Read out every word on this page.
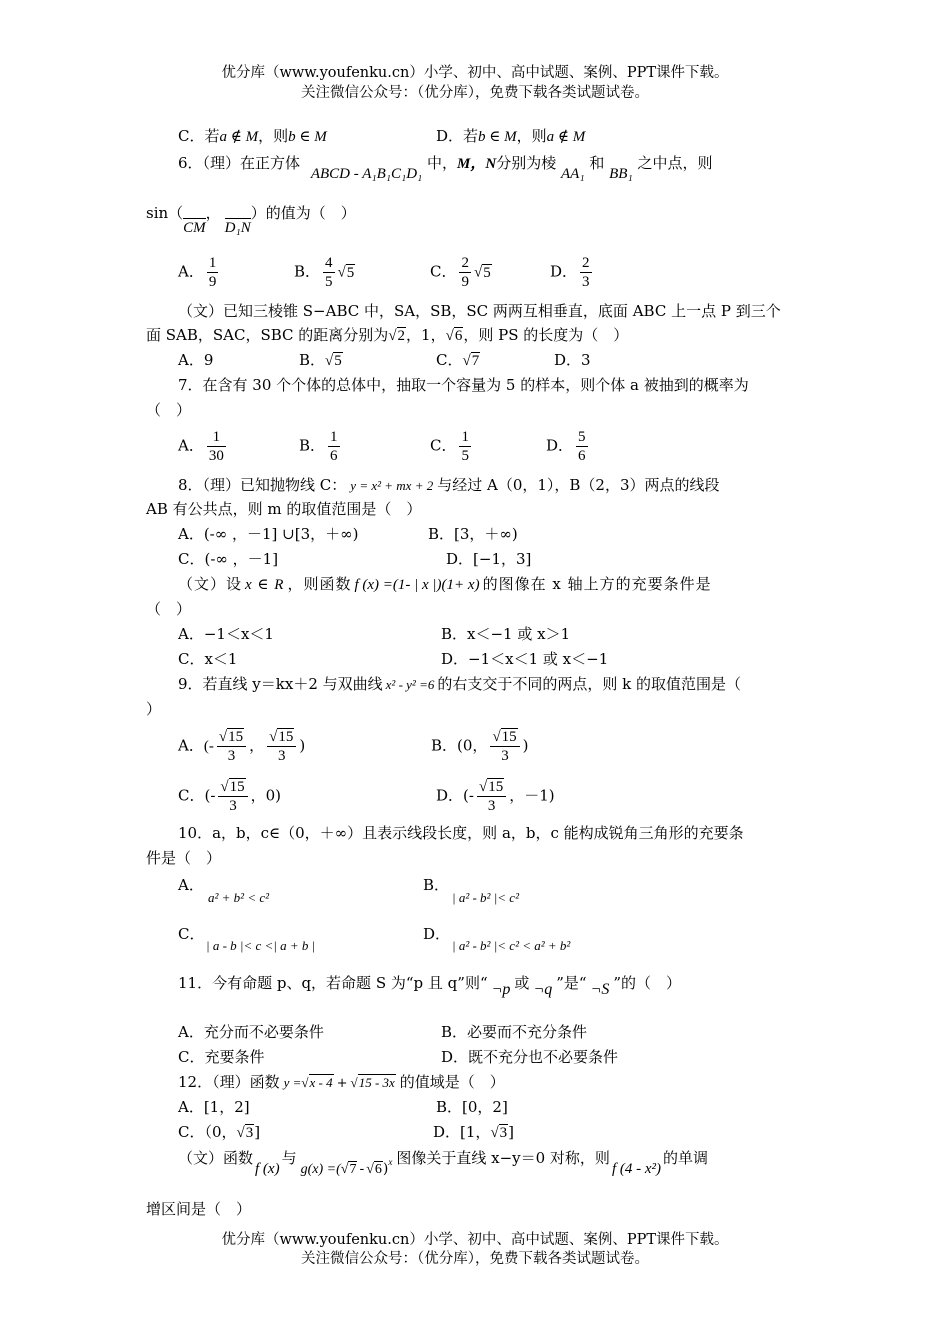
优分库（www.youfenku.cn）小学、初中、高中试题、案例、PPT课件下载。
关注微信公众号：（优分库），免费下载各类试题试卷。
C．若a ∉ M，则b ∈ M	D．若b ∈ M，则a ∉ M
6．（理）在正方体 ABCD - A₁B₁C₁D₁ 中，M，N分别为棱 AA₁ 和 BB₁ 之中点，则
sin（CM，D₁N）的值为（　）
A． $\frac{1}{9}$	B． $\frac{4}{5} √5$	C． $\frac{2}{9} √5$	D． $\frac{2}{3}$
（文）已知三棱锥 S−ABC 中，SA，SB，SC 两两互相垂直，底面 ABC 上一点 P 到三个
面 SAB，SAC，SBC 的距离分别为√2，1，√6，则 PS 的长度为（　）
A．9	B．√5	C．√7	D．3
7．在含有 30 个个体的总体中，抽取一个容量为 5 的样本，则个体 a 被抽到的概率为
（　）
A． $\frac{1}{30}$	B． $\frac{1}{6}$	C． $\frac{1}{5}$	D． $\frac{5}{6}$
8．（理）已知抛物线 C： y = x² + mx + 2 与经过 A（0，1），B（2，3）两点的线段
AB 有公共点，则 m 的取值范围是（　）
A．(-∞ ，－1] ∪[3，＋∞)	B．[3，＋∞)
C．(-∞ ，－1]	D．[−1，3]
（文）设 x ∈ R ，则函数 f (x) =(1- | x |)(1+ x) 的图像在 x 轴上方的充要条件是
（　）
A．−1＜x＜1	B．x＜−1 或 x＞1
C．x＜1	D．−1＜x＜1 或 x＜−1
9．若直线 y＝kx＋2 与双曲线 x² - y² =6 的右支交于不同的两点，则 k 的取值范围是（
）
A．(- $\frac{√15}{3}$ ， $\frac{√15}{3}$ )	B．(0， $\frac{√15}{3}$ )
C．(- $\frac{√15}{3}$ ，0)	D．(- $\frac{√15}{3}$ ，－1)
10．a，b，c∈（0，＋∞）且表示线段长度，则 a，b，c 能构成锐角三角形的充要条
件是（　）
A．
a² + b² < c²
B．
| a² - b² |< c²
C．
| a - b |< c <| a + b |
D．
| a² - b² |< c² < a² + b²
11．今有命题 p、q，若命题 S 为“p 且 q”则“ ¬p 或 ¬q ”是“ ¬S ”的（　）
A．充分而不必要条件	B．必要而不充分条件
C．充要条件	D．既不充分也不必要条件
12．（理）函数 y =√x - 4 + √15 - 3x 的值域是（　）
A．[1，2]	B．[0，2]
C．（0，√3]	D．[1，√3]
（文）函数f (x)与g(x) =(√7 - √6)x 图像关于直线 x−y＝0 对称，则f (4 - x²)的单调
增区间是（　）
优分库（www.youfenku.cn）小学、初中、高中试题、案例、PPT课件下载。
关注微信公众号：（优分库），免费下载各类试题试卷。
